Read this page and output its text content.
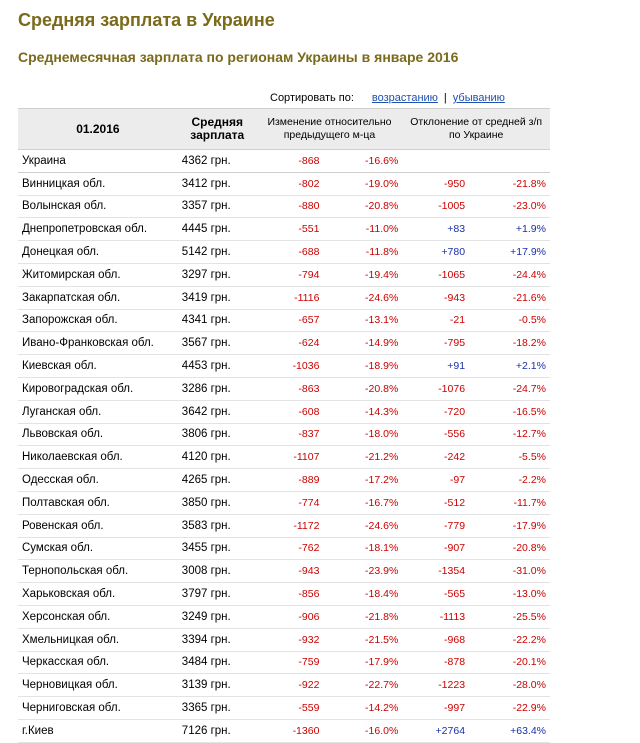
Средняя зарплата в Украине
Среднемесячная зарплата по регионам Украины в январе 2016
Сортировать по: возрастанию | убыванию
01.2016	Средняя
зарплата	Изменение относительно предыдущего м-ца		Отклонение от средней з/п по Украине	
Украина	4362 грн.	-868	-16.6%		
Винницкая обл.	3412 грн.	-802	-19.0%	-950	-21.8%
Волынская обл.	3357 грн.	-880	-20.8%	-1005	-23.0%
Днепропетровская обл.	4445 грн.	-551	-11.0%	+83	+1.9%
Донецкая обл.	5142 грн.	-688	-11.8%	+780	+17.9%
Житомирская обл.	3297 грн.	-794	-19.4%	-1065	-24.4%
Закарпатская обл.	3419 грн.	-1116	-24.6%	-943	-21.6%
Запорожская обл.	4341 грн.	-657	-13.1%	-21	-0.5%
Ивано-Франковская обл.	3567 грн.	-624	-14.9%	-795	-18.2%
Киевская обл.	4453 грн.	-1036	-18.9%	+91	+2.1%
Кировоградская обл.	3286 грн.	-863	-20.8%	-1076	-24.7%
Луганская обл.	3642 грн.	-608	-14.3%	-720	-16.5%
Львовская обл.	3806 грн.	-837	-18.0%	-556	-12.7%
Николаевская обл.	4120 грн.	-1107	-21.2%	-242	-5.5%
Одесская обл.	4265 грн.	-889	-17.2%	-97	-2.2%
Полтавская обл.	3850 грн.	-774	-16.7%	-512	-11.7%
Ровенская обл.	3583 грн.	-1172	-24.6%	-779	-17.9%
Сумская обл.	3455 грн.	-762	-18.1%	-907	-20.8%
Тернопольская обл.	3008 грн.	-943	-23.9%	-1354	-31.0%
Харьковская обл.	3797 грн.	-856	-18.4%	-565	-13.0%
Херсонская обл.	3249 грн.	-906	-21.8%	-1113	-25.5%
Хмельницкая обл.	3394 грн.	-932	-21.5%	-968	-22.2%
Черкасская обл.	3484 грн.	-759	-17.9%	-878	-20.1%
Черновицкая обл.	3139 грн.	-922	-22.7%	-1223	-28.0%
Черниговская обл.	3365 грн.	-559	-14.2%	-997	-22.9%
г.Киев	7126 грн.	-1360	-16.0%	+2764	+63.4%
